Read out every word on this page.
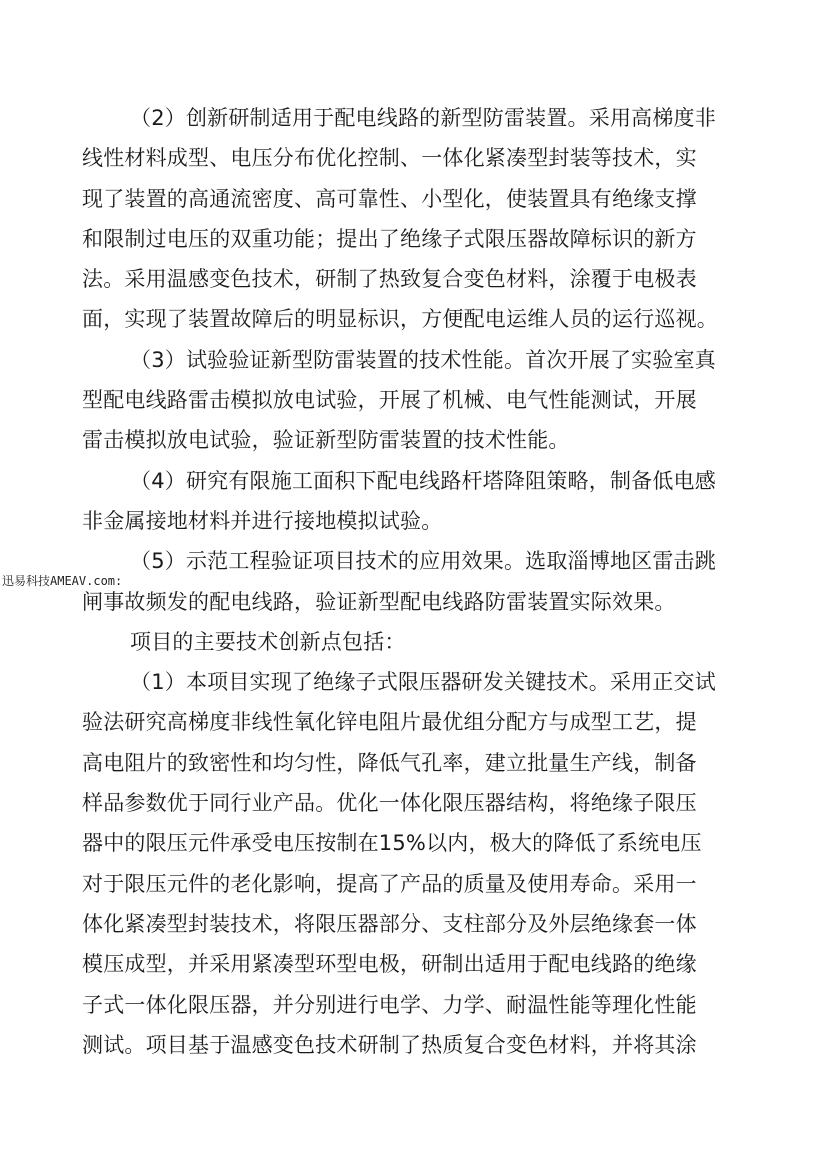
迅易科技AMEAV.com:
（2）创新研制适用于配电线路的新型防雷装置。采用高梯度非
线性材料成型、电压分布优化控制、一体化紧凑型封装等技术，实
现了装置的高通流密度、高可靠性、小型化，使装置具有绝缘支撑
和限制过电压的双重功能；提出了绝缘子式限压器故障标识的新方
法。采用温感变色技术，研制了热致复合变色材料，涂覆于电极表
面，实现了装置故障后的明显标识，方便配电运维人员的运行巡视。
（3）试验验证新型防雷装置的技术性能。首次开展了实验室真
型配电线路雷击模拟放电试验，开展了机械、电气性能测试，开展
雷击模拟放电试验，验证新型防雷装置的技术性能。
（4）研究有限施工面积下配电线路杆塔降阻策略，制备低电感
非金属接地材料并进行接地模拟试验。
（5）示范工程验证项目技术的应用效果。选取淄博地区雷击跳
闸事故频发的配电线路，验证新型配电线路防雷装置实际效果。
项目的主要技术创新点包括：
（1）本项目实现了绝缘子式限压器研发关键技术。采用正交试
验法研究高梯度非线性氧化锌电阻片最优组分配方与成型工艺，提
高电阻片的致密性和均匀性，降低气孔率，建立批量生产线，制备
样品参数优于同行业产品。优化一体化限压器结构，将绝缘子限压
器中的限压元件承受电压按制在15%以内，极大的降低了系统电压
对于限压元件的老化影响，提高了产品的质量及使用寿命。采用一
体化紧凑型封装技术，将限压器部分、支柱部分及外层绝缘套一体
模压成型，并采用紧凑型环型电极，研制出适用于配电线路的绝缘
子式一体化限压器，并分别进行电学、力学、耐温性能等理化性能
测试。项目基于温感变色技术研制了热质复合变色材料，并将其涂
